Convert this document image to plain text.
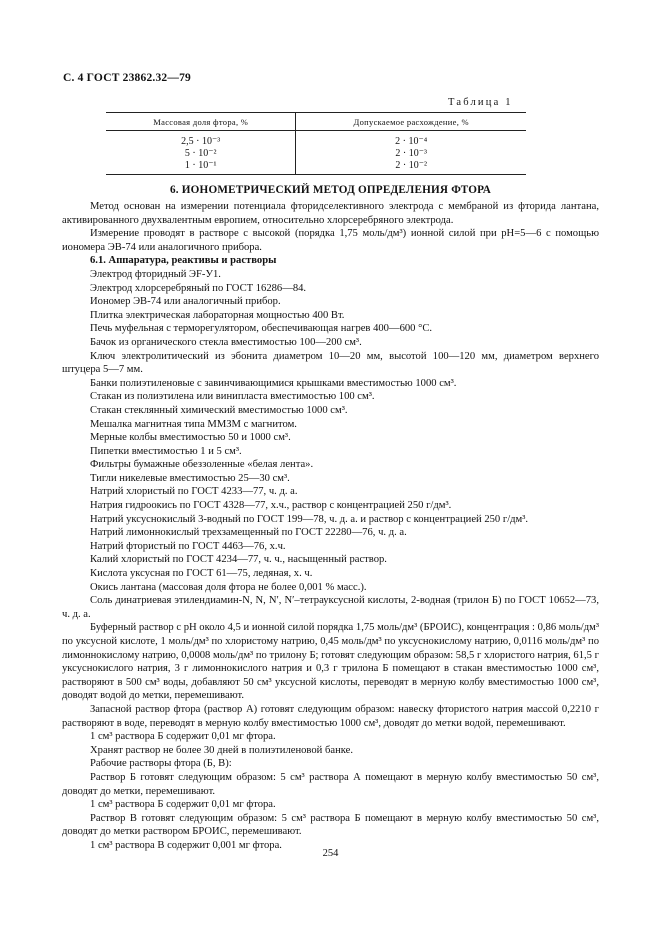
С. 4 ГОСТ 23862.32—79
Таблица 1
Массовая доля фтора, %	Допускаемое расхождение, %
2,5 · 10⁻³	2 · 10⁻⁴
5 · 10⁻²	2 · 10⁻³
1 · 10⁻¹	2 · 10⁻²
6. ИОНОМЕТРИЧЕСКИЙ МЕТОД ОПРЕДЕЛЕНИЯ ФТОРА
Метод основан на измерении потенциала фторидселективного электрода с мембраной из фторида лантана, активированного двухвалентным европием, относительно хлорсеребряного электрода.
Измерение проводят в растворе с высокой (порядка 1,75 моль/дм³) ионной силой при pH=5—6 с помощью иономера ЭВ-74 или аналогичного прибора.
6.1. Аппаратура, реактивы и растворы
Электрод фторидный ЭF-У1.
Электрод хлорсеребряный по ГОСТ 16286—84.
Иономер ЭВ-74 или аналогичный прибор.
Плитка электрическая лабораторная мощностью 400 Вт.
Печь муфельная с терморегулятором, обеспечивающая нагрев 400—600 °С.
Бачок из органического стекла вместимостью 100—200 см³.
Ключ электролитический из эбонита диаметром 10—20 мм, высотой 100—120 мм, диаметром верхнего штуцера 5—7 мм.
Банки полиэтиленовые с завинчивающимися крышками вместимостью 1000 см³.
Стакан из полиэтилена или винипласта вместимостью 100 см³.
Стакан стеклянный химический вместимостью 1000 см³.
Мешалка магнитная типа ММЗМ с магнитом.
Мерные колбы вместимостью 50 и 1000 см³.
Пипетки вместимостью 1 и 5 см³.
Фильтры бумажные обеззоленные «белая лента».
Тигли никелевые вместимостью 25—30 см³.
Натрий хлористый по ГОСТ 4233—77, ч. д. а.
Натрия гидроокись по ГОСТ 4328—77, х.ч., раствор с концентрацией 250 г/дм³.
Натрий уксуснокислый 3-водный по ГОСТ 199—78, ч. д. а. и раствор с концентрацией 250 г/дм³.
Натрий лимоннокислый трехзамещенный по ГОСТ 22280—76, ч. д. а.
Натрий фтористый по ГОСТ 4463—76, х.ч.
Калий хлористый по ГОСТ 4234—77, ч. ч., насыщенный раствор.
Кислота уксусная по ГОСТ 61—75, ледяная, х. ч.
Окись лантана (массовая доля фтора не более 0,001 % масс.).
Соль динатриевая этилендиамин-N, N, N′, N′–тетрауксусной кислоты, 2-водная (трилон Б) по ГОСТ 10652—73, ч. д. а.
Буферный раствор с pH около 4,5 и ионной силой порядка 1,75 моль/дм³ (БРОИС), концентрация : 0,86 моль/дм³ по уксусной кислоте, 1 моль/дм³ по хлористому натрию, 0,45 моль/дм³ по уксуснокислому натрию, 0,0116 моль/дм³ по лимоннокислому натрию, 0,0008 моль/дм³ по трилону Б; готовят следующим образом: 58,5 г хлористого натрия, 61,5 г уксуснокислого натрия, 3 г лимоннокислого натрия и 0,3 г трилона Б помещают в стакан вместимостью 1000 см³, растворяют в 500 см³ воды, добавляют 50 см³ уксусной кислоты, переводят в мерную колбу вместимостью 1000 см³, доводят водой до метки, перемешивают.
Запасной раствор фтора (раствор А) готовят следующим образом: навеску фтористого натрия массой 0,2210 г растворяют в воде, переводят в мерную колбу вместимостью 1000 см³, доводят до метки водой, перемешивают.
1 см³ раствора Б содержит 0,01 мг фтора.
Хранят раствор не более 30 дней в полиэтиленовой банке.
Рабочие растворы фтора (Б, В):
Раствор Б готовят следующим образом: 5 см³ раствора А помещают в мерную колбу вместимостью 50 см³, доводят до метки, перемешивают.
1 см³ раствора Б содержит 0,01 мг фтора.
Раствор В готовят следующим образом: 5 см³ раствора Б помещают в мерную колбу вместимостью 50 см³, доводят до метки раствором БРОИС, перемешивают.
1 см³ раствора В содержит 0,001 мг фтора.
254
